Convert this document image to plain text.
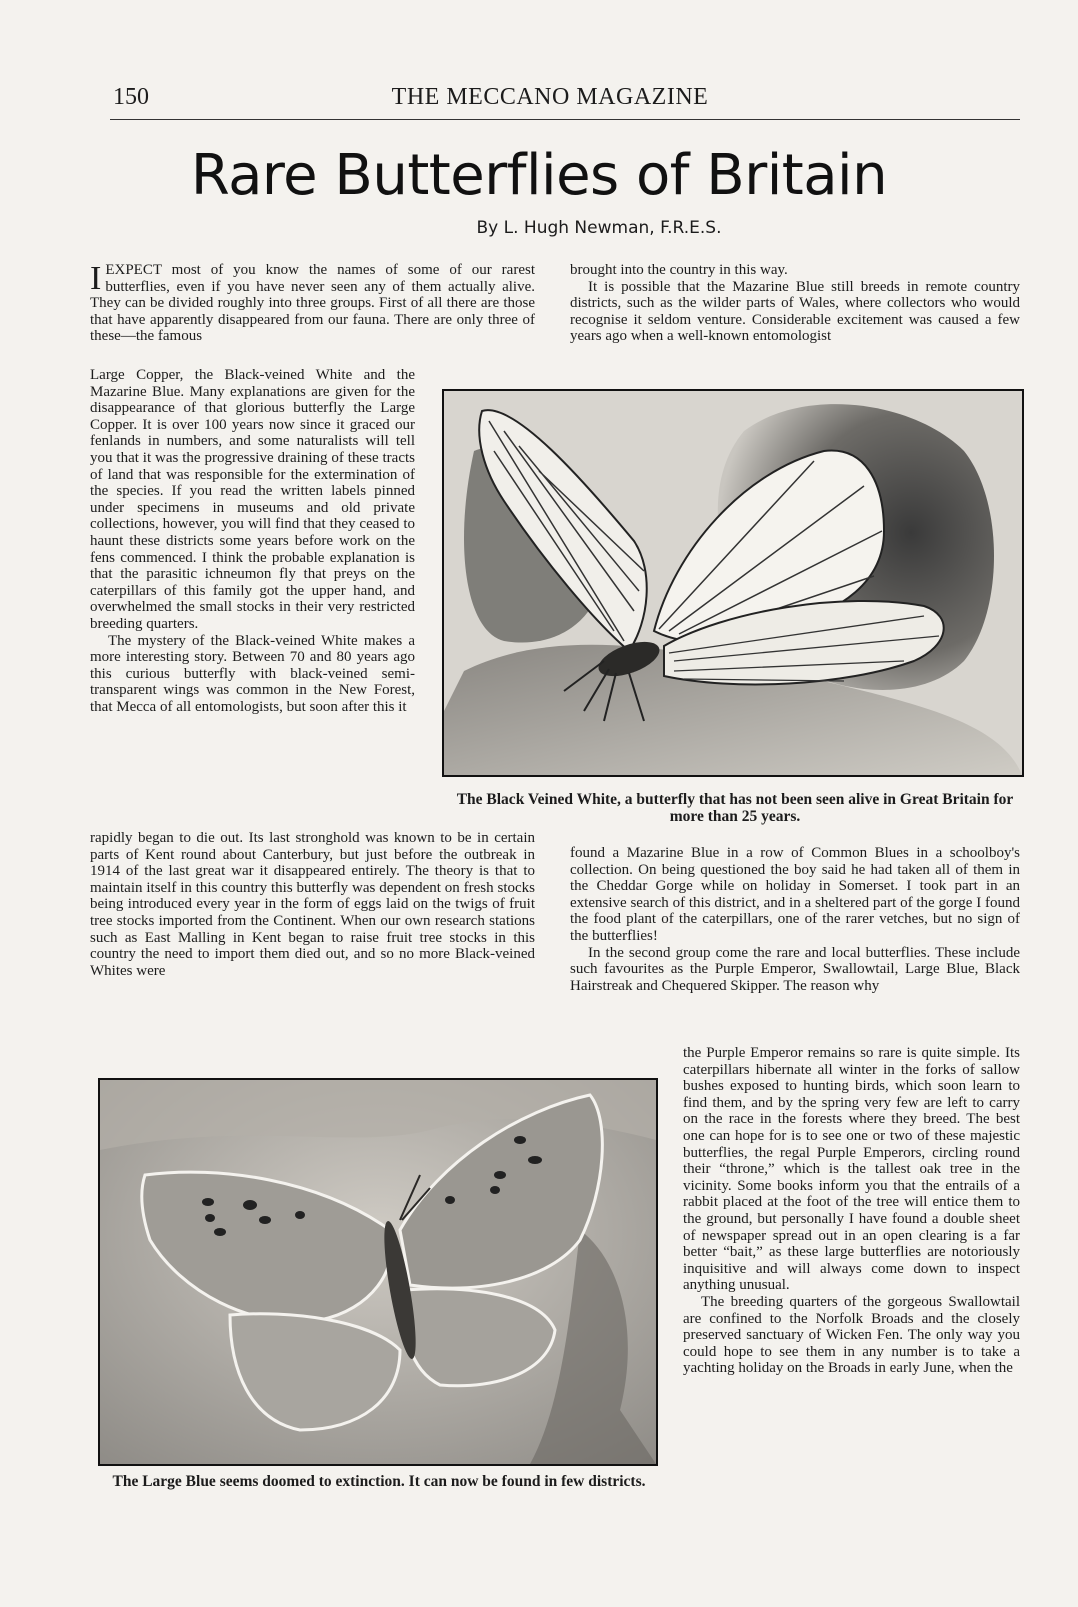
150	THE MECCANO MAGAZINE
Rare Butterflies of Britain
By L. Hugh Newman, F.R.E.S.

IEXPECT most of you know the names of some of our rarest butterflies, even if you have never seen any of them actually alive. They can be divided roughly into three groups. First of all there are those that have apparently disappeared from our fauna. There are only three of these—the famous

Large Copper, the Black-veined White and the Mazarine Blue. Many explanations are given for the disappearance of that glorious butterfly the Large Copper. It is over 100 years now since it graced our fenlands in numbers, and some naturalists will tell you that it was the progressive draining of these tracts of land that was responsible for the extermination of the species. If you read the written labels pinned under specimens in museums and old private collections, however, you will find that they ceased to haunt these districts some years before work on the fens commenced. I think the probable explanation is that the parasitic ichneumon fly that preys on the caterpillars of this family got the upper hand, and overwhelmed the small stocks in their very restricted breeding quarters.

The mystery of the Black-veined White makes a more interesting story. Between 70 and 80 years ago this curious butterfly with black-veined semi-transparent wings was common in the New Forest, that Mecca of all entomologists, but soon after this it

rapidly began to die out. Its last stronghold was known to be in certain parts of Kent round about Canterbury, but just before the outbreak in 1914 of the last great war it disappeared entirely. The theory is that to maintain itself in this country this butterfly was dependent on fresh stocks being introduced every year in the form of eggs laid on the twigs of fruit tree stocks imported from the Continent. When our own research stations such as East Malling in Kent began to raise fruit tree stocks in this country the need to import them died out, and so no more Black-veined Whites were

brought into the country in this way.

It is possible that the Mazarine Blue still breeds in remote country districts, such as the wilder parts of Wales, where collectors who would recognise it seldom venture. Considerable excitement was caused a few years ago when a well-known entomologist

found a Mazarine Blue in a row of Common Blues in a schoolboy's collection. On being questioned the boy said he had taken all of them in the Cheddar Gorge while on holiday in Somerset. I took part in an extensive search of this district, and in a sheltered part of the gorge I found the food plant of the caterpillars, one of the rarer vetches, but no sign of the butterflies!

In the second group come the rare and local butterflies. These include such favourites as the Purple Emperor, Swallowtail, Large Blue, Black Hairstreak and Chequered Skipper. The reason why

the Purple Emperor remains so rare is quite simple. Its caterpillars hibernate all winter in the forks of sallow bushes exposed to hunting birds, which soon learn to find them, and by the spring very few are left to carry on the race in the forests where they breed. The best one can hope for is to see one or two of these majestic butterflies, the regal Purple Emperors, circling round their “throne,” which is the tallest oak tree in the vicinity. Some books inform you that the entrails of a rabbit placed at the foot of the tree will entice them to the ground, but personally I have found a double sheet of newspaper spread out in an open clearing is a far better “bait,” as these large butterflies are notoriously inquisitive and will always come down to inspect anything unusual.

The breeding quarters of the gorgeous Swallowtail are confined to the Norfolk Broads and the closely preserved sanctuary of Wicken Fen. The only way you could hope to see them in any number is to take a yachting holiday on the Broads in early June, when the

The Black Veined White, a butterfly that has not been seen alive in Great Britain for more than 25 years.
The Large Blue seems doomed to extinction. It can now be found in few districts.
